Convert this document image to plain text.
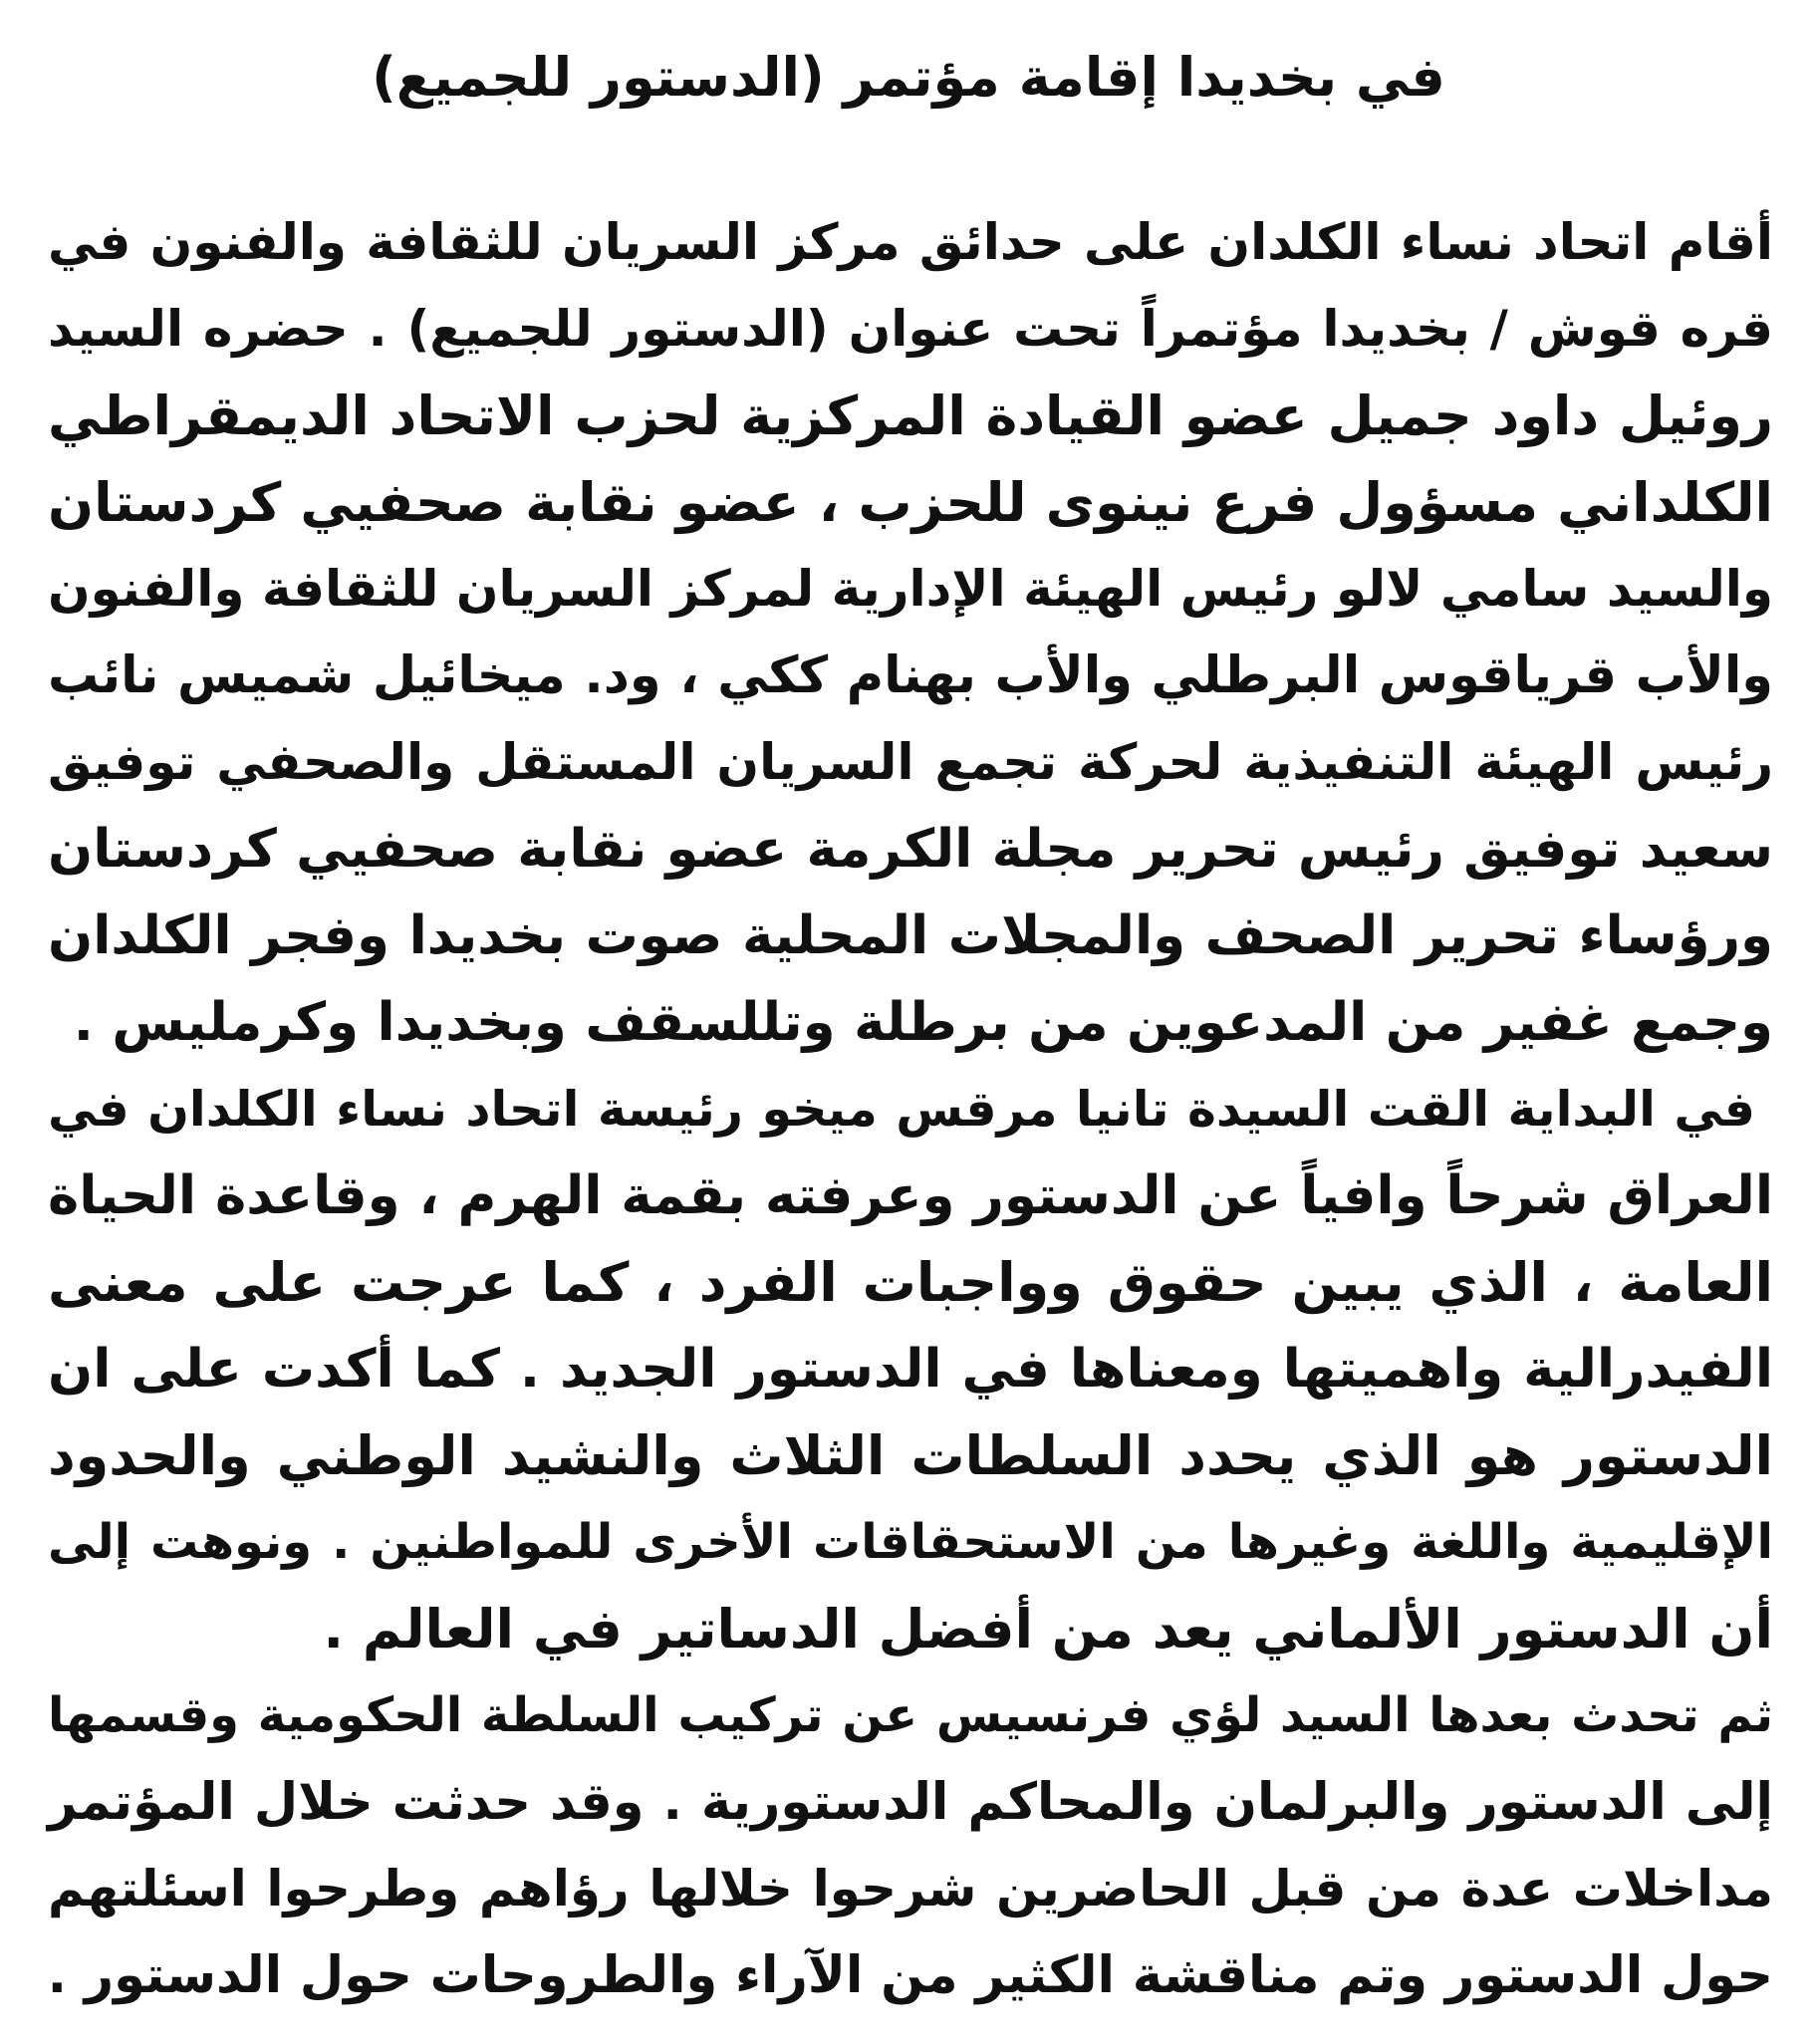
في بخديدا إقامة مؤتمر (الدستور للجميع)

أقام اتحاد نساء الكلدان على حدائق مركز السريان للثقافة والفنون في
قره قوش / بخديدا مؤتمراً تحت عنوان (الدستور للجميع) . حضره السيد
روئيل داود جميل عضو القيادة المركزية لحزب الاتحاد الديمقراطي
الكلداني مسؤول فرع نينوى للحزب ، عضو نقابة صحفيي كردستان
والسيد سامي لالو رئيس الهيئة الإدارية لمركز السريان للثقافة والفنون
والأب قرياقوس البرطلي والأب بهنام ككي ، ود. ميخائيل شميس نائب
رئيس الهيئة التنفيذية لحركة تجمع السريان المستقل والصحفي توفيق
سعيد توفيق رئيس تحرير مجلة الكرمة عضو نقابة صحفيي كردستان
ورؤساء تحرير الصحف والمجلات المحلية صوت بخديدا وفجر الكلدان
وجمع غفير من المدعوين من برطلة وتللسقف وبخديدا وكرمليس .

في البداية القت السيدة تانيا مرقس ميخو رئيسة اتحاد نساء الكلدان في
العراق شرحاً وافياً عن الدستور وعرفته بقمة الهرم ، وقاعدة الحياة
العامة ، الذي يبين حقوق وواجبات الفرد ، كما عرجت على معنى
الفيدرالية واهميتها ومعناها في الدستور الجديد . كما أكدت على ان
الدستور هو الذي يحدد السلطات الثلاث والنشيد الوطني والحدود
الإقليمية واللغة وغيرها من الاستحقاقات الأخرى للمواطنين . ونوهت إلى
أن الدستور الألماني يعد من أفضل الدساتير في العالم .

ثم تحدث بعدها السيد لؤي فرنسيس عن تركيب السلطة الحكومية وقسمها
إلى الدستور والبرلمان والمحاكم الدستورية . وقد حدثت خلال المؤتمر
مداخلات عدة من قبل الحاضرين شرحوا خلالها رؤاهم وطرحوا اسئلتهم
حول الدستور وتم مناقشة الكثير من الآراء والطروحات حول الدستور .
